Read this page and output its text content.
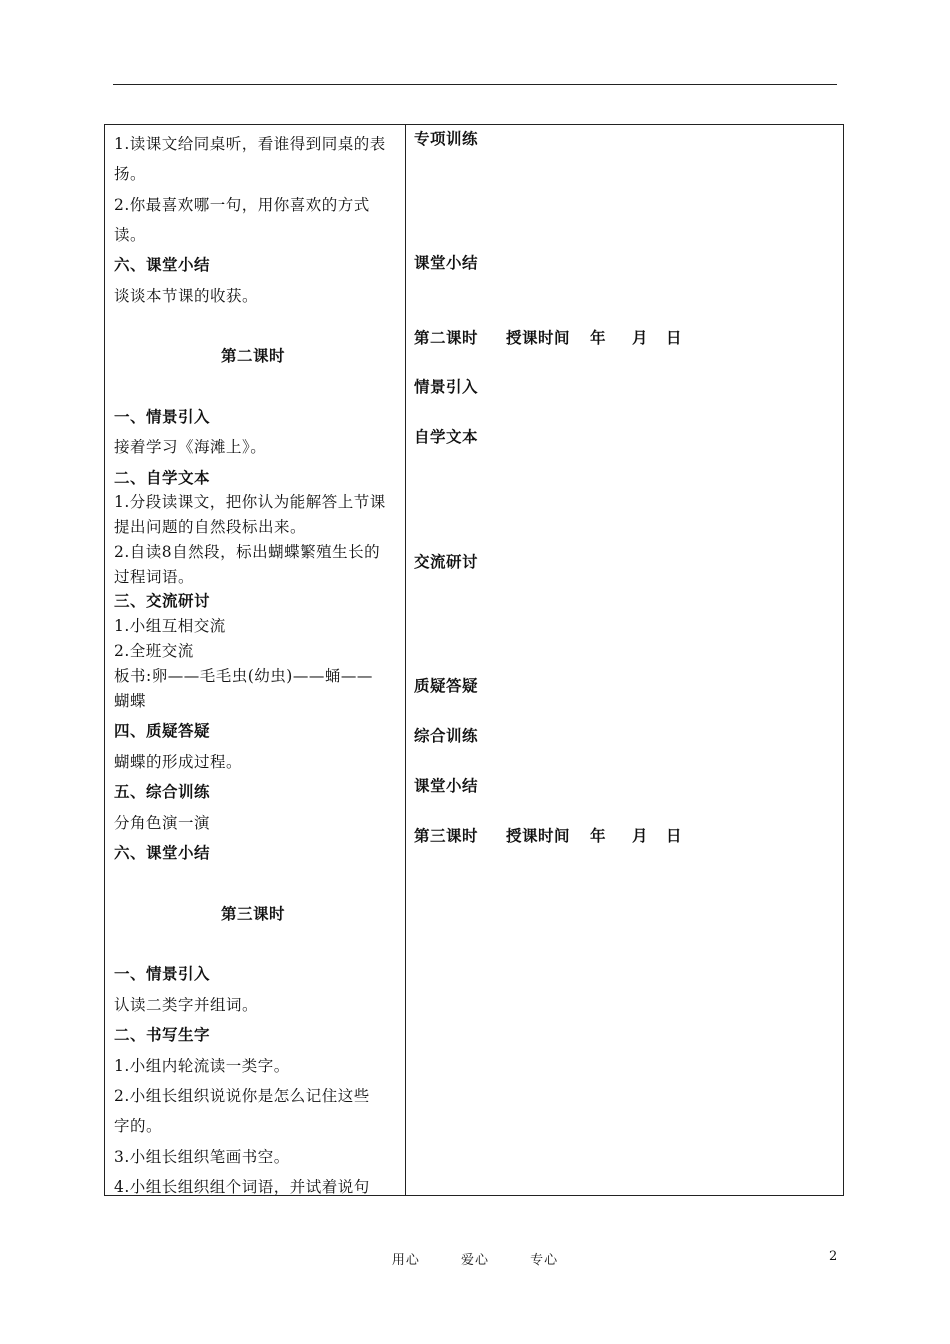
1.读课文给同桌听，看谁得到同桌的表
扬。
2.你最喜欢哪一句，用你喜欢的方式
读。
六、课堂小结
谈谈本节课的收获。
第二课时
一、情景引入
接着学习《海滩上》。
二、自学文本
1.分段读课文，把你认为能解答上节课
提出问题的自然段标出来。
2.自读8自然段，标出蝴蝶繁殖生长的
过程词语。
三、交流研讨
1.小组互相交流
2.全班交流
板书:卵——毛毛虫(幼虫)——蛹——
蝴蝶
四、质疑答疑
蝴蝶的形成过程。
五、综合训练
分角色演一演
六、课堂小结
第三课时
一、情景引入
认读二类字并组词。
二、书写生字
1.小组内轮流读一类字。
2.小组长组织说说你是怎么记住这些
字的。
3.小组长组织笔画书空。
4.小组长组织组个词语，并试着说句
专项训练
课堂小结
第二课时 授课时间 年 月 日
情景引入
自学文本
交流研讨
质疑答疑
综合训练
课堂小结
第三课时 授课时间 年 月 日
用心	爱心	专心	2
